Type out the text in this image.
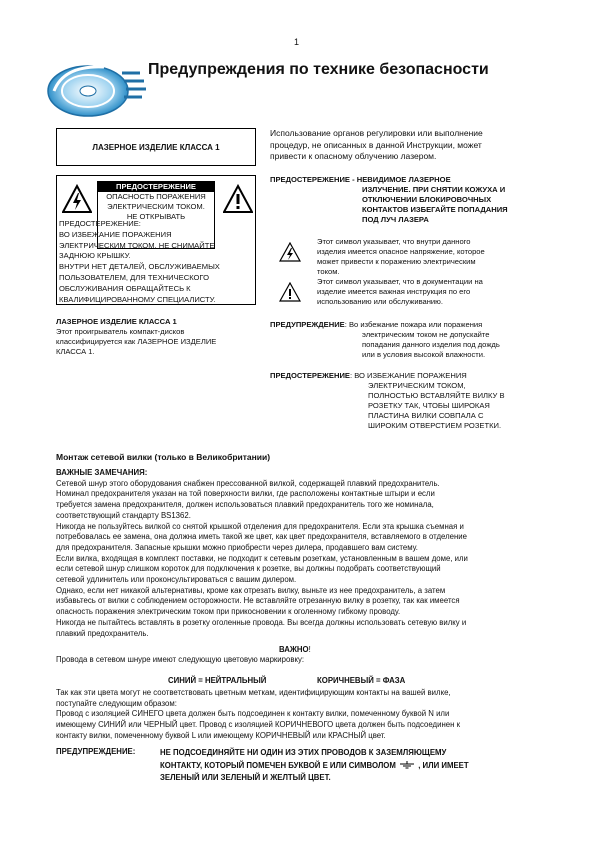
1
Предупреждения по технике безопасности
ЛАЗЕРНОЕ ИЗДЕЛИЕ КЛАССА 1
Использование органов регулировки или выполнение
процедур, не описанных в данной Инструкции, может
привести к опасному облучению лазером.
ПРЕДОСТЕРЕЖЕНИЕ
ОПАСНОСТЬ ПОРАЖЕНИЯ
ЭЛЕКТРИЧЕСКИМ ТОКОМ.
НЕ ОТКРЫВАТЬ
ПРЕДОСТЕРЕЖЕНИЕ:
ВО ИЗБЕЖАНИЕ ПОРАЖЕНИЯ
ЭЛЕКТРИЧЕСКИМ ТОКОМ, НЕ СНИМАЙТЕ
ЗАДНЮЮ КРЫШКУ.
ВНУТРИ НЕТ ДЕТАЛЕЙ, ОБСЛУЖИВАЕМЫХ
ПОЛЬЗОВАТЕЛЕМ, ДЛЯ ТЕХНИЧЕСКОГО
ОБСЛУЖИВАНИЯ ОБРАЩАЙТЕСЬ К
КВАЛИФИЦИРОВАННОМУ СПЕЦИАЛИСТУ.
ЛАЗЕРНОЕ ИЗДЕЛИЕ КЛАССА 1
Этот проигрыватель компакт-дисков
классифицируется как ЛАЗЕРНОЕ ИЗДЕЛИЕ
КЛАССА 1.
ПРЕДОСТЕРЕЖЕНИЕ - НЕВИДИМОЕ ЛАЗЕРНОЕ
ИЗЛУЧЕНИЕ. ПРИ СНЯТИИ КОЖУХА И
ОТКЛЮЧЕНИИ БЛОКИРОВОЧНЫХ
КОНТАКТОВ ИЗБЕГАЙТЕ ПОПАДАНИЯ
ПОД ЛУЧ ЛАЗЕРА
Этот символ указывает, что внутри данного
изделия имеется опасное напряжение, которое
может привести к поражению электрическим
током.
Этот символ указывает, что в документации на
изделие имеется важная инструкция по его
использованию или обслуживанию.
ПРЕДУПРЕЖДЕНИЕ: Во избежание пожара или поражения
электрическим током не допускайте
попадания данного изделия под дождь
или в условия высокой влажности.
ПРЕДОСТЕРЕЖЕНИЕ: ВО ИЗБЕЖАНИЕ ПОРАЖЕНИЯ
ЭЛЕКТРИЧЕСКИМ ТОКОМ,
ПОЛНОСТЬЮ ВСТАВЛЯЙТЕ ВИЛКУ В
РОЗЕТКУ ТАК, ЧТОБЫ ШИРОКАЯ
ПЛАСТИНА ВИЛКИ СОВПАЛА С
ШИРОКИМ ОТВЕРСТИЕМ РОЗЕТКИ.
Монтаж сетевой вилки (только в Великобритании)
ВАЖНЫЕ ЗАМЕЧАНИЯ:
Сетевой шнур этого оборудования снабжен прессованной вилкой, содержащей плавкий предохранитель.
Номинал предохранителя указан на той поверхности вилки, где расположены контактные штыри и если
требуется замена предохранителя, должен использоваться плавкий предохранитель того же номинала,
соответствующий стандарту BS1362.
Никогда не пользуйтесь вилкой со снятой крышкой отделения для предохранителя. Если эта крышка съемная и
потребовалась ее замена, она должна иметь такой же цвет, как цвет предохранителя, вставляемого в отделение
для предохранителя. Запасные крышки можно приобрести через дилера, продавшего вам систему.
Если вилка, входящая в комплект поставки, не подходит к сетевым розеткам, установленным в вашем доме, или
если сетевой шнур слишком короток для подключения к розетке, вы должны подобрать соответствующий
сетевой удлинитель или проконсультироваться с вашим дилером.
Однако, если нет никакой альтернативы, кроме как отрезать вилку, выньте из нее предохранитель, а затем
избавьтесь от вилки с соблюдением осторожности. Не вставляйте отрезанную вилку в розетку, так как имеется
опасность поражения электрическим током при прикосновении к оголенному гибкому проводу.
Никогда не пытайтесь вставлять в розетку оголенные провода. Вы всегда должны использовать сетевую вилку и
плавкий предохранитель.
ВАЖНО!
Провода в сетевом шнуре имеют следующую цветовую маркировку:
СИНИЙ = НЕЙТРАЛЬНЫЙ	КОРИЧНЕВЫЙ = ФАЗА
Так как эти цвета могут не соответствовать цветным меткам, идентифицирующим контакты на вашей вилке,
поступайте следующим образом:
Провод с изоляцией СИНЕГО цвета должен быть подсоединен к контакту вилки, помеченному буквой N или
имеющему СИНИЙ или ЧЕРНЫЙ цвет. Провод с изоляцией КОРИЧНЕВОГО цвета должен быть подсоединен к
контакту вилки, помеченному буквой L или имеющему КОРИЧНЕВЫЙ или КРАСНЫЙ цвет.
ПРЕДУПРЕЖДЕНИЕ:	НЕ ПОДСОЕДИНЯЙТЕ НИ ОДИН ИЗ ЭТИХ ПРОВОДОВ К ЗАЗЕМЛЯЮЩЕМУ
КОНТАКТУ, КОТОРЫЙ ПОМЕЧЕН БУКВОЙ Е ИЛИ СИМВОЛОМ	, ИЛИ ИМЕЕТ
ЗЕЛЕНЫЙ ИЛИ ЗЕЛЕНЫЙ И ЖЕЛТЫЙ ЦВЕТ.
